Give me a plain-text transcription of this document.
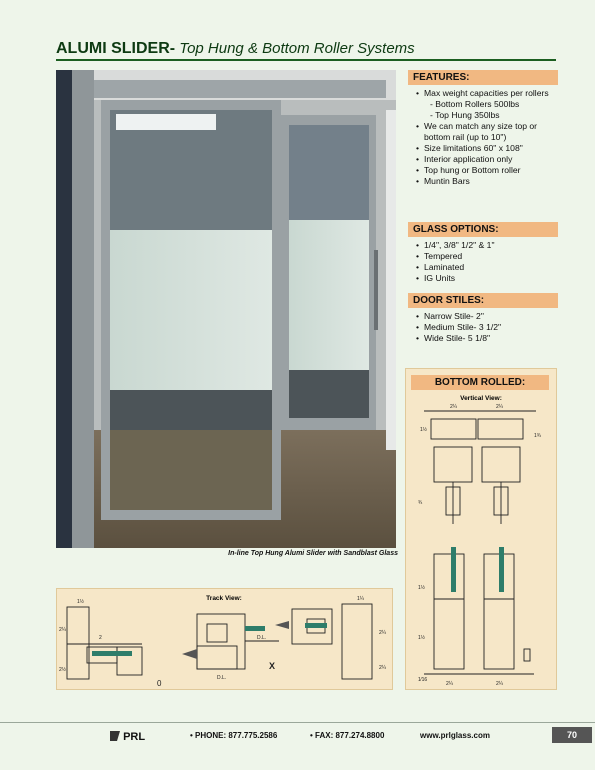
ALUMI SLIDER- Top Hung & Bottom Roller Systems
In-line Top Hung Alumi Slider with Sandblast Glass
FEATURES:
• Max weight capacities per rollers
- Bottom Rollers 500lbs
- Top Hung 350lbs
• We can match any size top or bottom rail (up to 10")
• Size limitations 60" x 108"
• Interior application only
• Top hung or Bottom roller
• Muntin Bars
GLASS OPTIONS:
• 1/4", 3/8" 1/2" & 1"
• Tempered
• Laminated
• IG Units
DOOR STILES:
• Narrow Stile- 2"
• Medium Stile- 3 1/2"
• Wide Stile- 5 1/8"
Vertical View:
2¼	2¼
1½
1¾
¾
1½
1½
1⁄16
2¼	2¼
BOTTOM ROLLED:
Track View:
1½
2¼
2½
2
D.L.
D.L.
1¼
2¼
2¼
X
0
PRL	• PHONE: 877.775.2586	• FAX: 877.274.8800	www.prlglass.com	70
